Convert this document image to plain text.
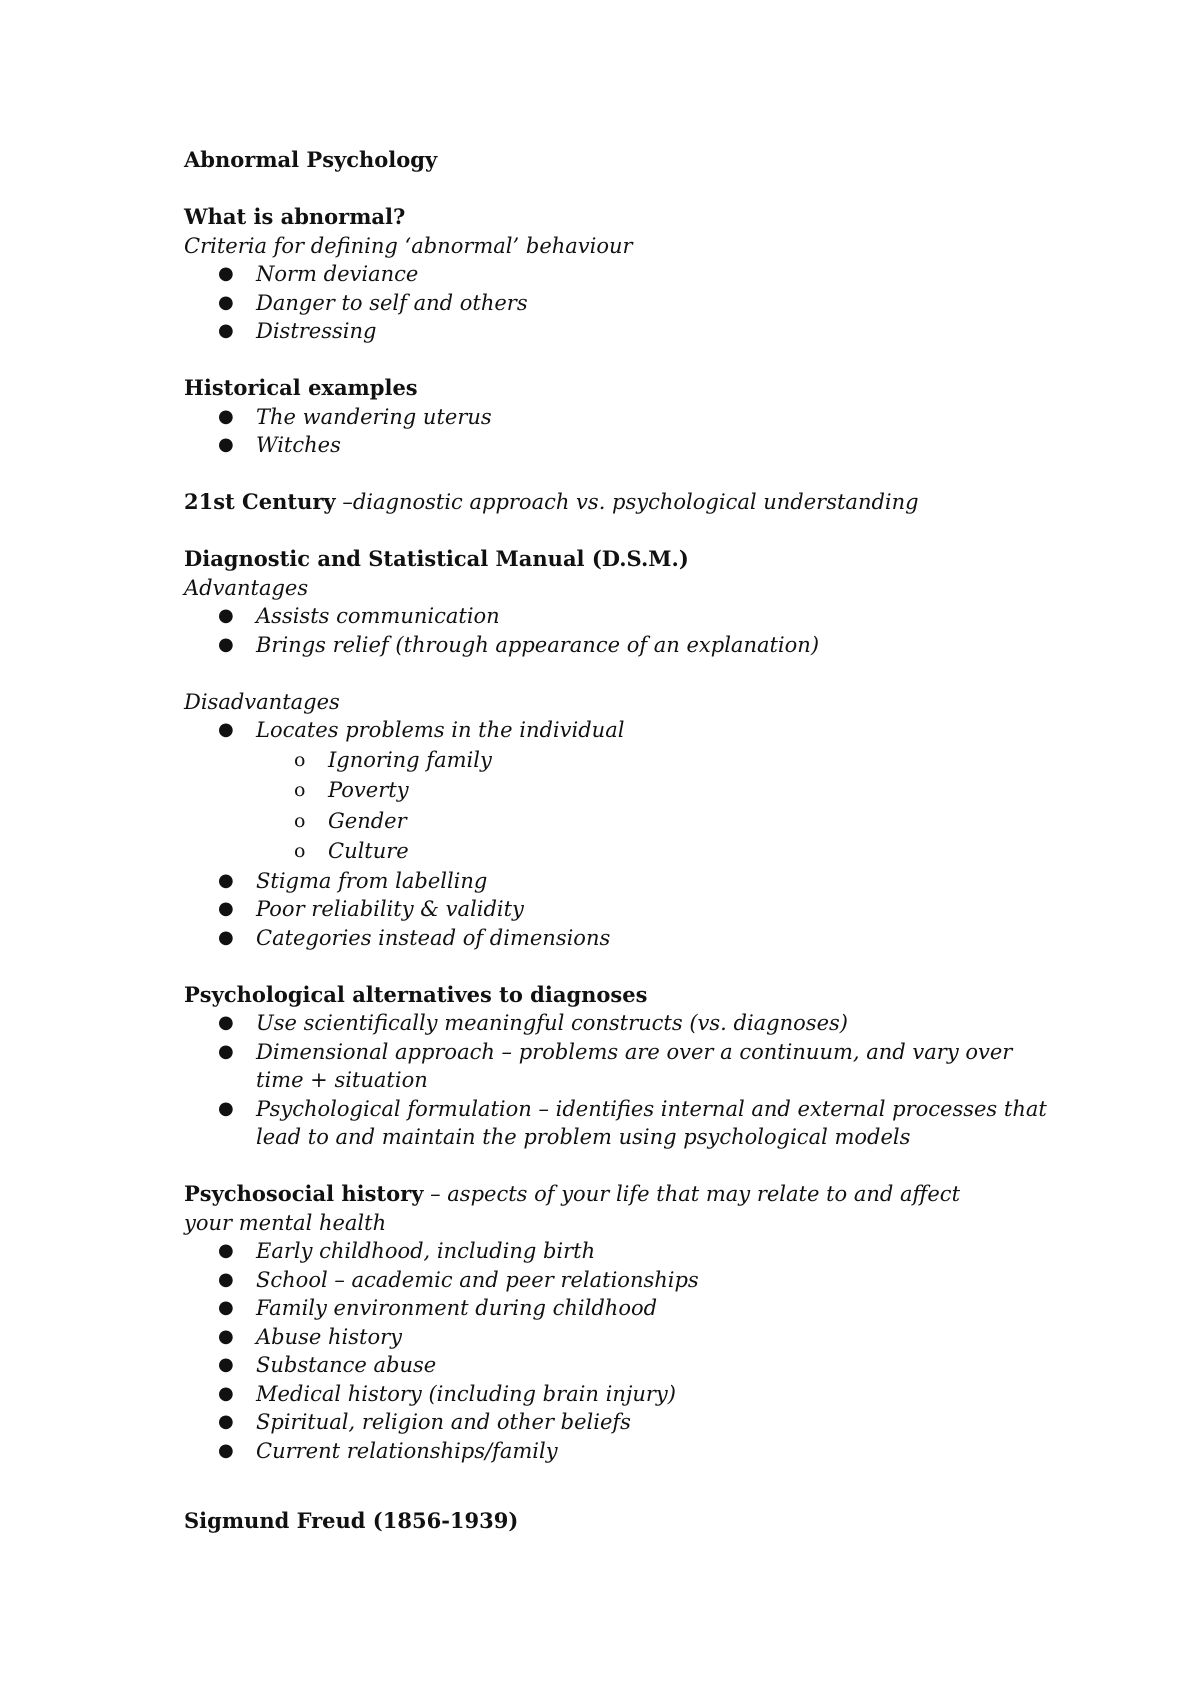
Abnormal Psychology

What is abnormal?

Criteria for defining ‘abnormal’ behaviour

● Norm deviance
● Danger to self and others
● Distressing

Historical examples

● The wandering uterus
● Witches

21st Century –diagnostic approach vs. psychological understanding

Diagnostic and Statistical Manual (D.S.M.)

Advantages

● Assists communication
● Brings relief (through appearance of an explanation)

Disadvantages

● Locates problems in the individual
o Ignoring family
o Poverty
o Gender
o Culture
● Stigma from labelling
● Poor reliability & validity
● Categories instead of dimensions

Psychological alternatives to diagnoses

● Use scientifically meaningful constructs (vs. diagnoses)
● Dimensional approach – problems are over a continuum, and vary over time + situation
● Psychological formulation – identifies internal and external processes that lead to and maintain the problem using psychological models

Psychosocial history – aspects of your life that may relate to and affect your mental health

● Early childhood, including birth
● School – academic and peer relationships
● Family environment during childhood
● Abuse history
● Substance abuse
● Medical history (including brain injury)
● Spiritual, religion and other beliefs
● Current relationships/family

Sigmund Freud (1856-1939)
